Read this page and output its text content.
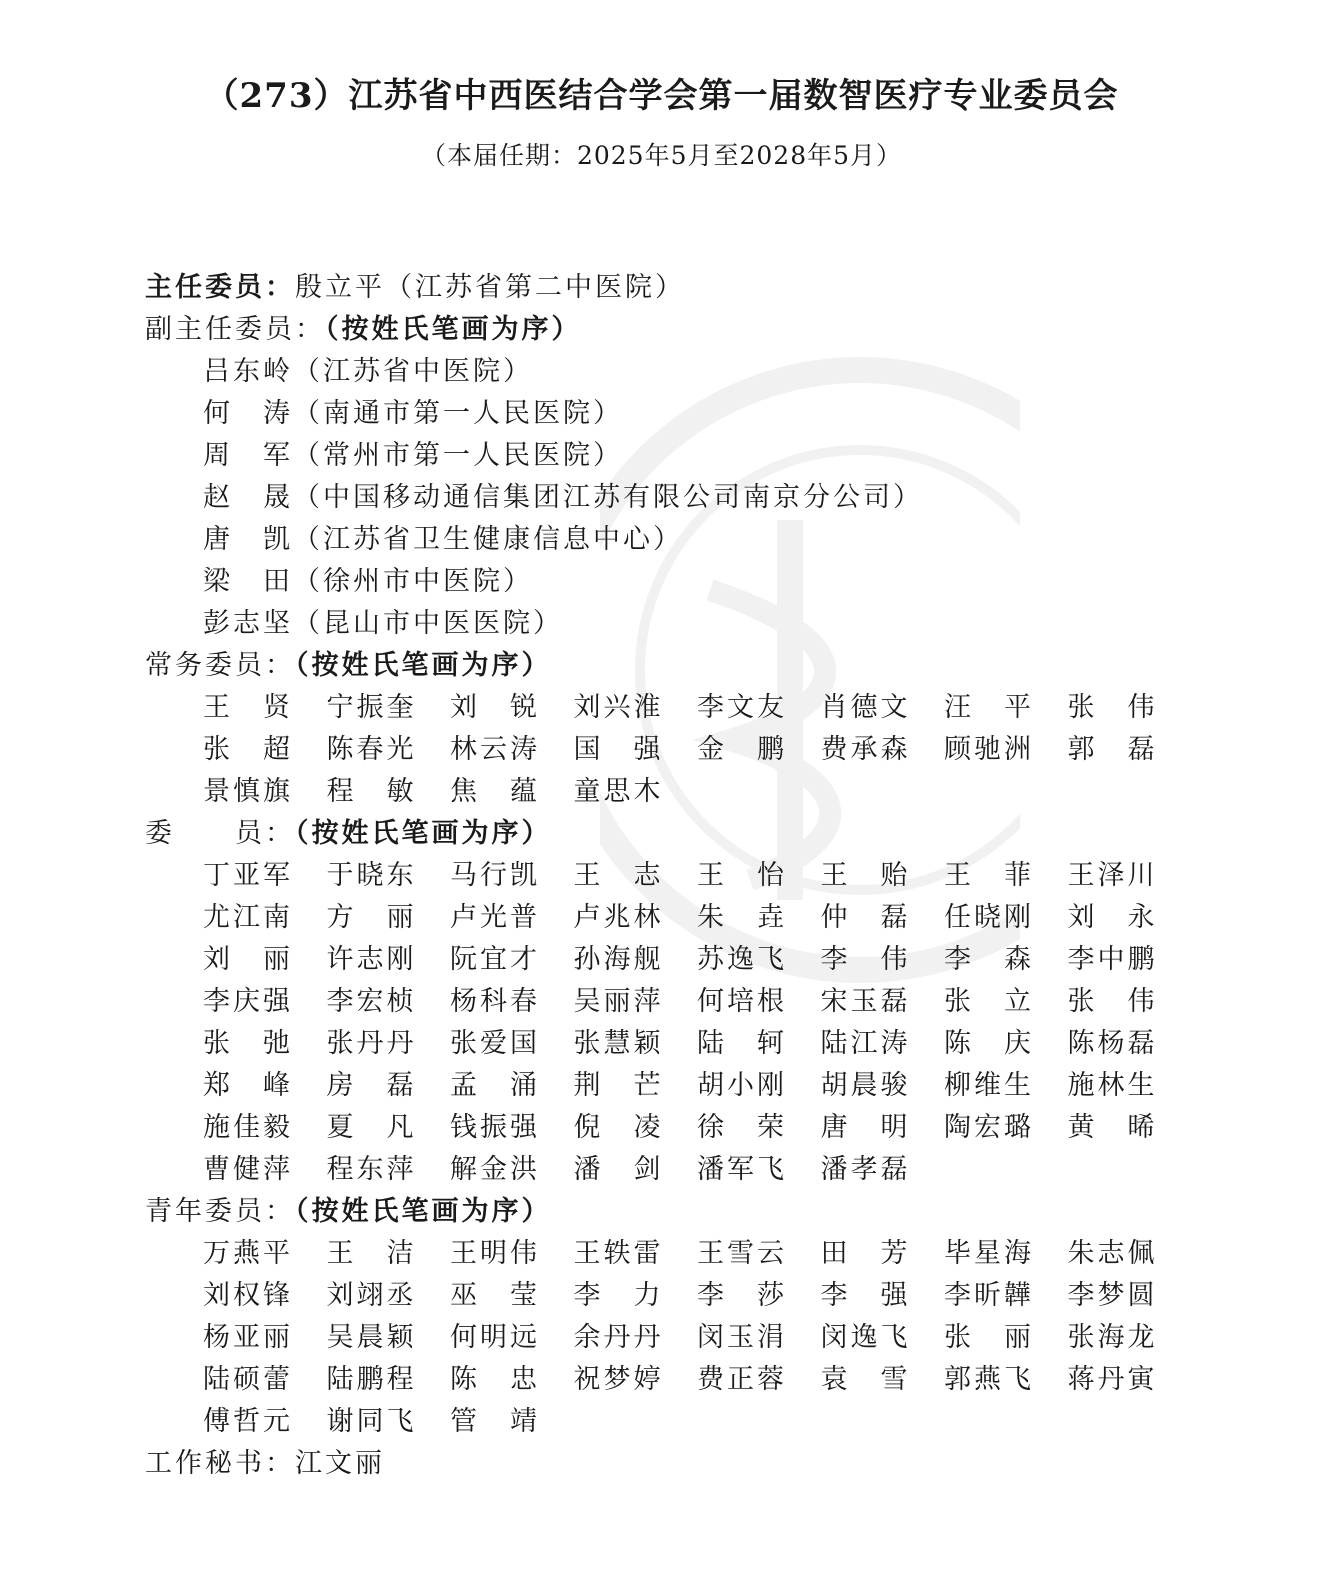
（273）江苏省中西医结合学会第一届数智医疗专业委员会
（本届任期：2025年5月至2028年5月）
主任委员：殷立平（江苏省第二中医院）
副主任委员：（按姓氏笔画为序）
吕东岭（江苏省中医院）
何　涛（南通市第一人民医院）
周　军（常州市第一人民医院）
赵　晟（中国移动通信集团江苏有限公司南京分公司）
唐　凯（江苏省卫生健康信息中心）
梁　田（徐州市中医院）
彭志坚（昆山市中医医院）
常务委员：（按姓氏笔画为序）
王　贤	宁振奎	刘　锐	刘兴淮	李文友	肖德文	汪　平	张　伟
张　超	陈春光	林云涛	国　强	金　鹏	费承森	顾驰洲	郭　磊
景慎旗	程　敏	焦　蕴	童思木
委　　员：（按姓氏笔画为序）
丁亚军	于晓东	马行凯	王　志	王　怡	王　贻	王　菲	王泽川
尤江南	方　丽	卢光普	卢兆林	朱　垚	仲　磊	任晓刚	刘　永
刘　丽	许志刚	阮宜才	孙海舰	苏逸飞	李　伟	李　森	李中鹏
李庆强	李宏桢	杨科春	吴丽萍	何培根	宋玉磊	张　立	张　伟
张　弛	张丹丹	张爱国	张慧颖	陆　轲	陆江涛	陈　庆	陈杨磊
郑　峰	房　磊	孟　涌	荆　芒	胡小刚	胡晨骏	柳维生	施林生
施佳毅	夏　凡	钱振强	倪　凌	徐　荣	唐　明	陶宏璐	黄　晞
曹健萍	程东萍	解金洪	潘　剑	潘军飞	潘孝磊
青年委员：（按姓氏笔画为序）
万燕平	王　洁	王明伟	王轶雷	王雪云	田　芳	毕星海	朱志佩
刘权锋	刘翊丞	巫　莹	李　力	李　莎	李　强	李昕韡	李梦圆
杨亚丽	吴晨颖	何明远	余丹丹	闵玉涓	闵逸飞	张　丽	张海龙
陆硕蕾	陆鹏程	陈　忠	祝梦婷	费正蓉	袁　雪	郭燕飞	蒋丹寅
傅哲元	谢同飞	管　靖
工作秘书：江文丽
